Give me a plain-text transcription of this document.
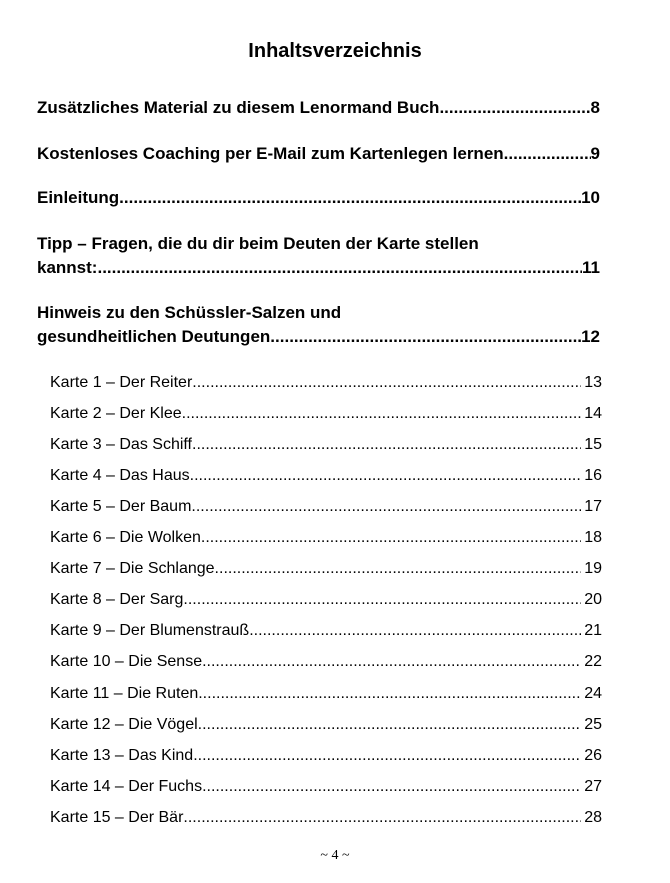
Inhaltsverzeichnis
Zusätzliches Material zu diesem Lenormand Buch .....	8
Kostenloses Coaching per E-Mail zum Kartenlegen lernen .....	9
Einleitung .....	10
Tipp – Fragen, die du dir beim Deuten der Karte stellen
kannst: .....	11
Hinweis zu den Schüssler-Salzen und
gesundheitlichen Deutungen .....	12
Karte 1 – Der Reiter .....	13
Karte 2 – Der Klee .....	14
Karte 3 – Das Schiff .....	15
Karte 4 – Das Haus .....	16
Karte 5 – Der Baum .....	17
Karte 6 – Die Wolken .....	18
Karte 7 – Die Schlange .....	19
Karte 8 – Der Sarg .....	20
Karte 9 – Der Blumenstrauß .....	21
Karte 10 – Die Sense .....	22
Karte 11 – Die Ruten .....	24
Karte 12 – Die Vögel .....	25
Karte 13 – Das Kind .....	26
Karte 14 – Der Fuchs .....	27
Karte 15 – Der Bär .....	28
~ 4 ~
